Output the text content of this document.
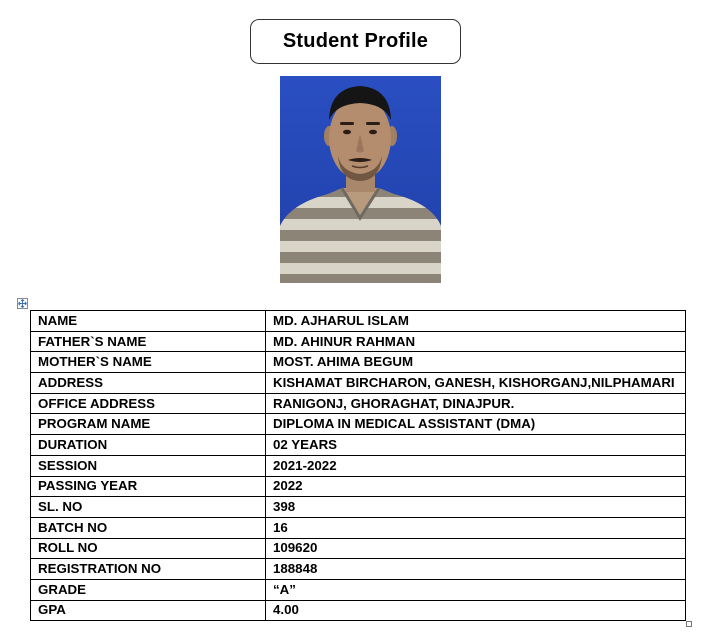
Student Profile
NAME	MD. AJHARUL ISLAM
FATHER`S NAME	MD. AHINUR RAHMAN
MOTHER`S NAME	MOST. AHIMA BEGUM
ADDRESS	KISHAMAT BIRCHARON, GANESH, KISHORGANJ,NILPHAMARI
OFFICE ADDRESS	RANIGONJ, GHORAGHAT, DINAJPUR.
PROGRAM NAME	DIPLOMA IN MEDICAL ASSISTANT (DMA)
DURATION	02 YEARS
SESSION	2021-2022
PASSING YEAR	2022
SL. NO	398
BATCH NO	16
ROLL NO	109620
REGISTRATION NO	188848
GRADE	“A”
GPA	4.00
